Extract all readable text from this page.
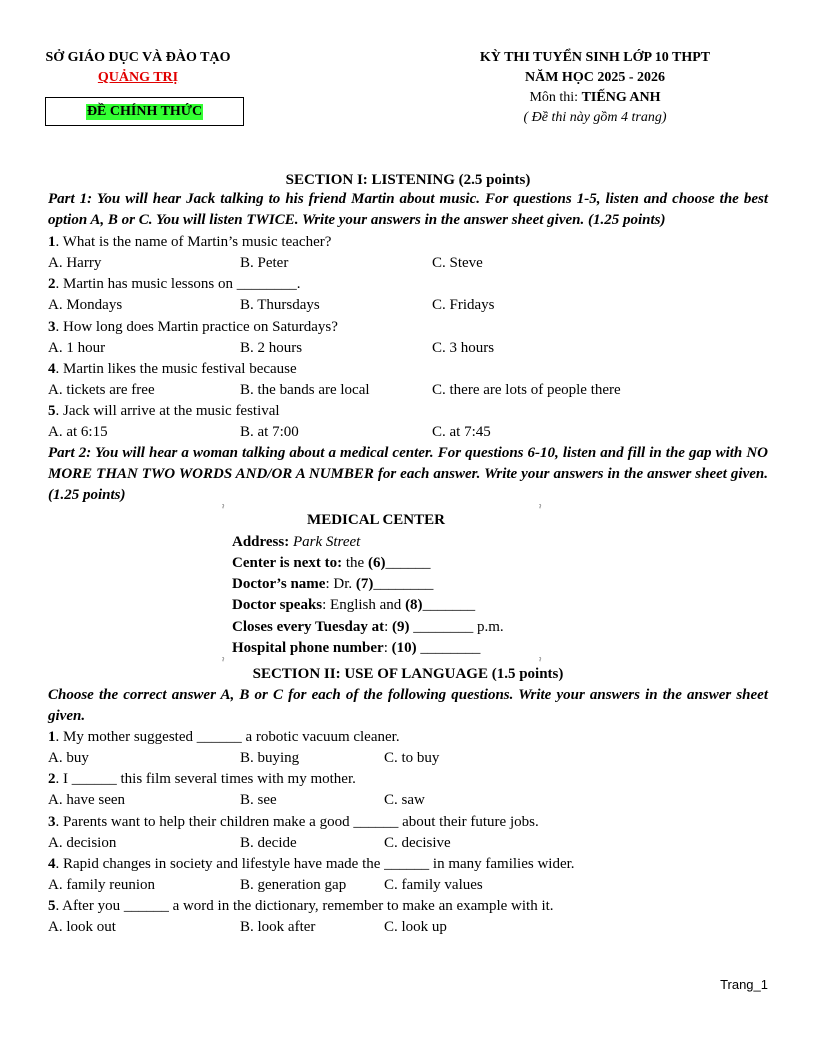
SỞ GIÁO DỤC VÀ ĐÀO TẠO
QUẢNG TRỊ
ĐỀ CHÍNH THỨC
KỲ THI TUYỂN SINH LỚP 10 THPT
NĂM HỌC 2025 - 2026
Môn thi: TIẾNG ANH
( Đề thi này gồm 4 trang)
SECTION I: LISTENING (2.5 points)
Part 1: You will hear Jack talking to his friend Martin about music. For questions 1-5, listen and choose the best option A, B or C. You will listen TWICE. Write your answers in the answer sheet given. (1.25 points)
1. What is the name of Martin’s music teacher?
A. Harry	B. Peter	C. Steve
2. Martin has music lessons on ________.
A. Mondays	B. Thursdays	C. Fridays
3. How long does Martin practice on Saturdays?
A. 1 hour	B. 2 hours	C. 3 hours
4. Martin likes the music festival because
A. tickets are free	B. the bands are local	C. there are lots of people there
5. Jack will arrive at the music festival
A. at 6:15	B. at 7:00	C. at 7:45
Part 2: You will hear a woman talking about a medical center. For questions 6-10, listen and fill in the gap with NO MORE THAN TWO WORDS AND/OR A NUMBER for each answer. Write your answers in the answer sheet given. (1.25 points)
ˀ	ˀ
MEDICAL CENTER
Address: Park Street
Center is next to: the (6)______
Doctor’s name: Dr. (7)________
Doctor speaks: English and (8)_______
Closes every Tuesday at: (9) ________ p.m.
Hospital phone number: (10) ________
ˀ	ˀ
SECTION II: USE OF LANGUAGE (1.5 points)
Choose the correct answer A, B or C for each of the following questions. Write your answers in the answer sheet given.
1. My mother suggested ______ a robotic vacuum cleaner.
A. buy	B. buying	C. to buy
2. I ______ this film several times with my mother.
A. have seen	B. see	C. saw
3. Parents want to help their children make a good ______ about their future jobs.
A. decision	B. decide	C. decisive
4. Rapid changes in society and lifestyle have made the ______ in many families wider.
A. family reunion	B. generation gap	C. family values
5. After you ______ a word in the dictionary, remember to make an example with it.
A. look out	B. look after	C. look up
Trang_1
